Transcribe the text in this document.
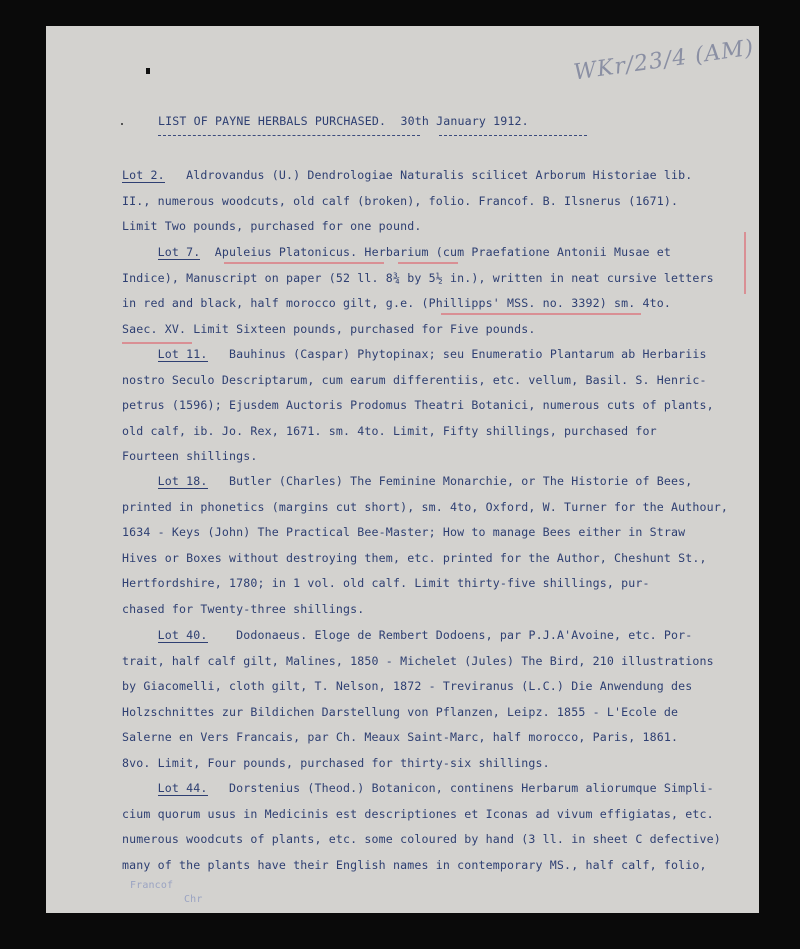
WKr/23/4 (AM)
LIST OF PAYNE HERBALS PURCHASED. 30th January 1912.
Lot 2. Aldrovandus (U.) Dendrologiae Naturalis scilicet Arborum Historiae lib.
II., numerous woodcuts, old calf (broken), folio. Francof. B. Ilsnerus (1671).
Limit Two pounds, purchased for one pound.
Lot 7. Apuleius Platonicus. Herbarium (cum Praefatione Antonii Musae et
Indice), Manuscript on paper (52 ll. 8¾ by 5½ in.), written in neat cursive letters
in red and black, half morocco gilt, g.e. (Phillipps' MSS. no. 3392) sm. 4to.
Saec. XV. Limit Sixteen pounds, purchased for Five pounds.
Lot 11. Bauhinus (Caspar) Phytopinax; seu Enumeratio Plantarum ab Herbariis
nostro Seculo Descriptarum, cum earum differentiis, etc. vellum, Basil. S. Henric-
petrus (1596); Ejusdem Auctoris Prodomus Theatri Botanici, numerous cuts of plants,
old calf, ib. Jo. Rex, 1671. sm. 4to. Limit, Fifty shillings, purchased for
Fourteen shillings.
Lot 18. Butler (Charles) The Feminine Monarchie, or The Historie of Bees,
printed in phonetics (margins cut short), sm. 4to, Oxford, W. Turner for the Authour,
1634 - Keys (John) The Practical Bee-Master; How to manage Bees either in Straw
Hives or Boxes without destroying them, etc. printed for the Author, Cheshunt St.,
Hertfordshire, 1780; in 1 vol. old calf. Limit thirty-five shillings, pur-
chased for Twenty-three shillings.
Lot 40. Dodonaeus. Eloge de Rembert Dodoens, par P.J.A'Avoine, etc. Por-
trait, half calf gilt, Malines, 1850 - Michelet (Jules) The Bird, 210 illustrations
by Giacomelli, cloth gilt, T. Nelson, 1872 - Treviranus (L.C.) Die Anwendung des
Holzschnittes zur Bildichen Darstellung von Pflanzen, Leipz. 1855 - L'Ecole de
Salerne en Vers Francais, par Ch. Meaux Saint-Marc, half morocco, Paris, 1861.
8vo. Limit, Four pounds, purchased for thirty-six shillings.
Lot 44. Dorstenius (Theod.) Botanicon, continens Herbarum aliorumque Simpli-
cium quorum usus in Medicinis est descriptiones et Iconas ad vivum effigiatas, etc.
numerous woodcuts of plants, etc. some coloured by hand (3 ll. in sheet C defective)
many of the plants have their English names in contemporary MS., half calf, folio,
Francof
Chr
